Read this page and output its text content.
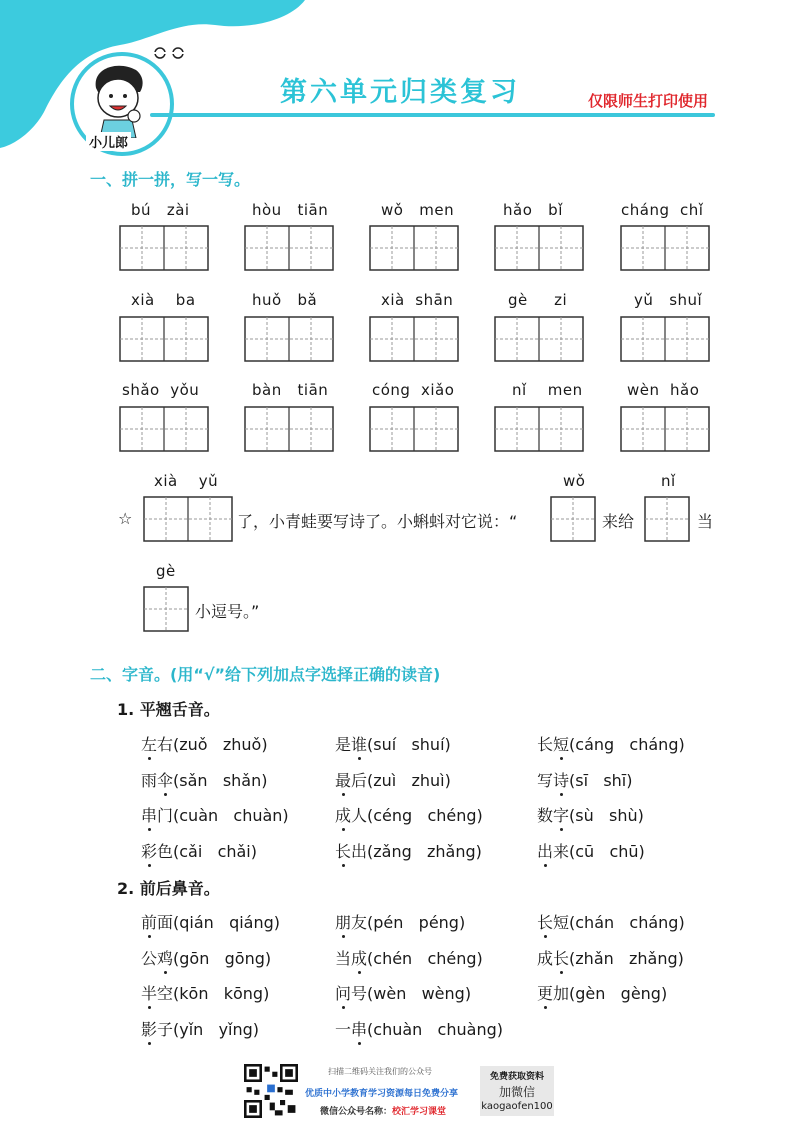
小儿郎
第六单元归类复习	仅限师生打印使用
一、拼一拼，写一写。
bú   zài	hòu   tiān	wǒ   men	hǎo   bǐ	cháng  chǐ
xià    ba	huǒ   bǎ	xià  shān	gè     zi	yǔ   shuǐ
shǎo  yǒu	bàn   tiān	cóng  xiǎo	nǐ    men	wèn  hǎo
xià    yǔ	wǒ	nǐ
☆	了，小青蛙要写诗了。小蝌蚪对它说：“	来给	当
gè
小逗号。”
二、字音。(用“√”给下列加点字选择正确的读音)
1. 平翘舌音。
左右(zuǒ   zhuǒ)	是谁(suí   shuí)	长短(cáng   cháng)
雨伞(sǎn   shǎn)	最后(zuì   zhuì)	写诗(sī   shī)
串门(cuàn   chuàn)	成人(céng   chéng)	数字(sù   shù)
彩色(cǎi   chǎi)	长出(zǎng   zhǎng)	出来(cū   chū)
2. 前后鼻音。
前面(qián   qiáng)	朋友(pén   péng)	长短(chán   cháng)
公鸡(gōn   gōng)	当成(chén   chéng)	成长(zhǎn   zhǎng)
半空(kōn   kōng)	问号(wèn   wèng)	更加(gèn   gèng)
影子(yǐn   yǐng)	一串(chuàn   chuàng)
扫描二维码关注我们的公众号
优质中小学教育学习资源每日免费分享
微信公众号名称：校汇学习课堂
免费获取资料
加微信
kaogaofen100
